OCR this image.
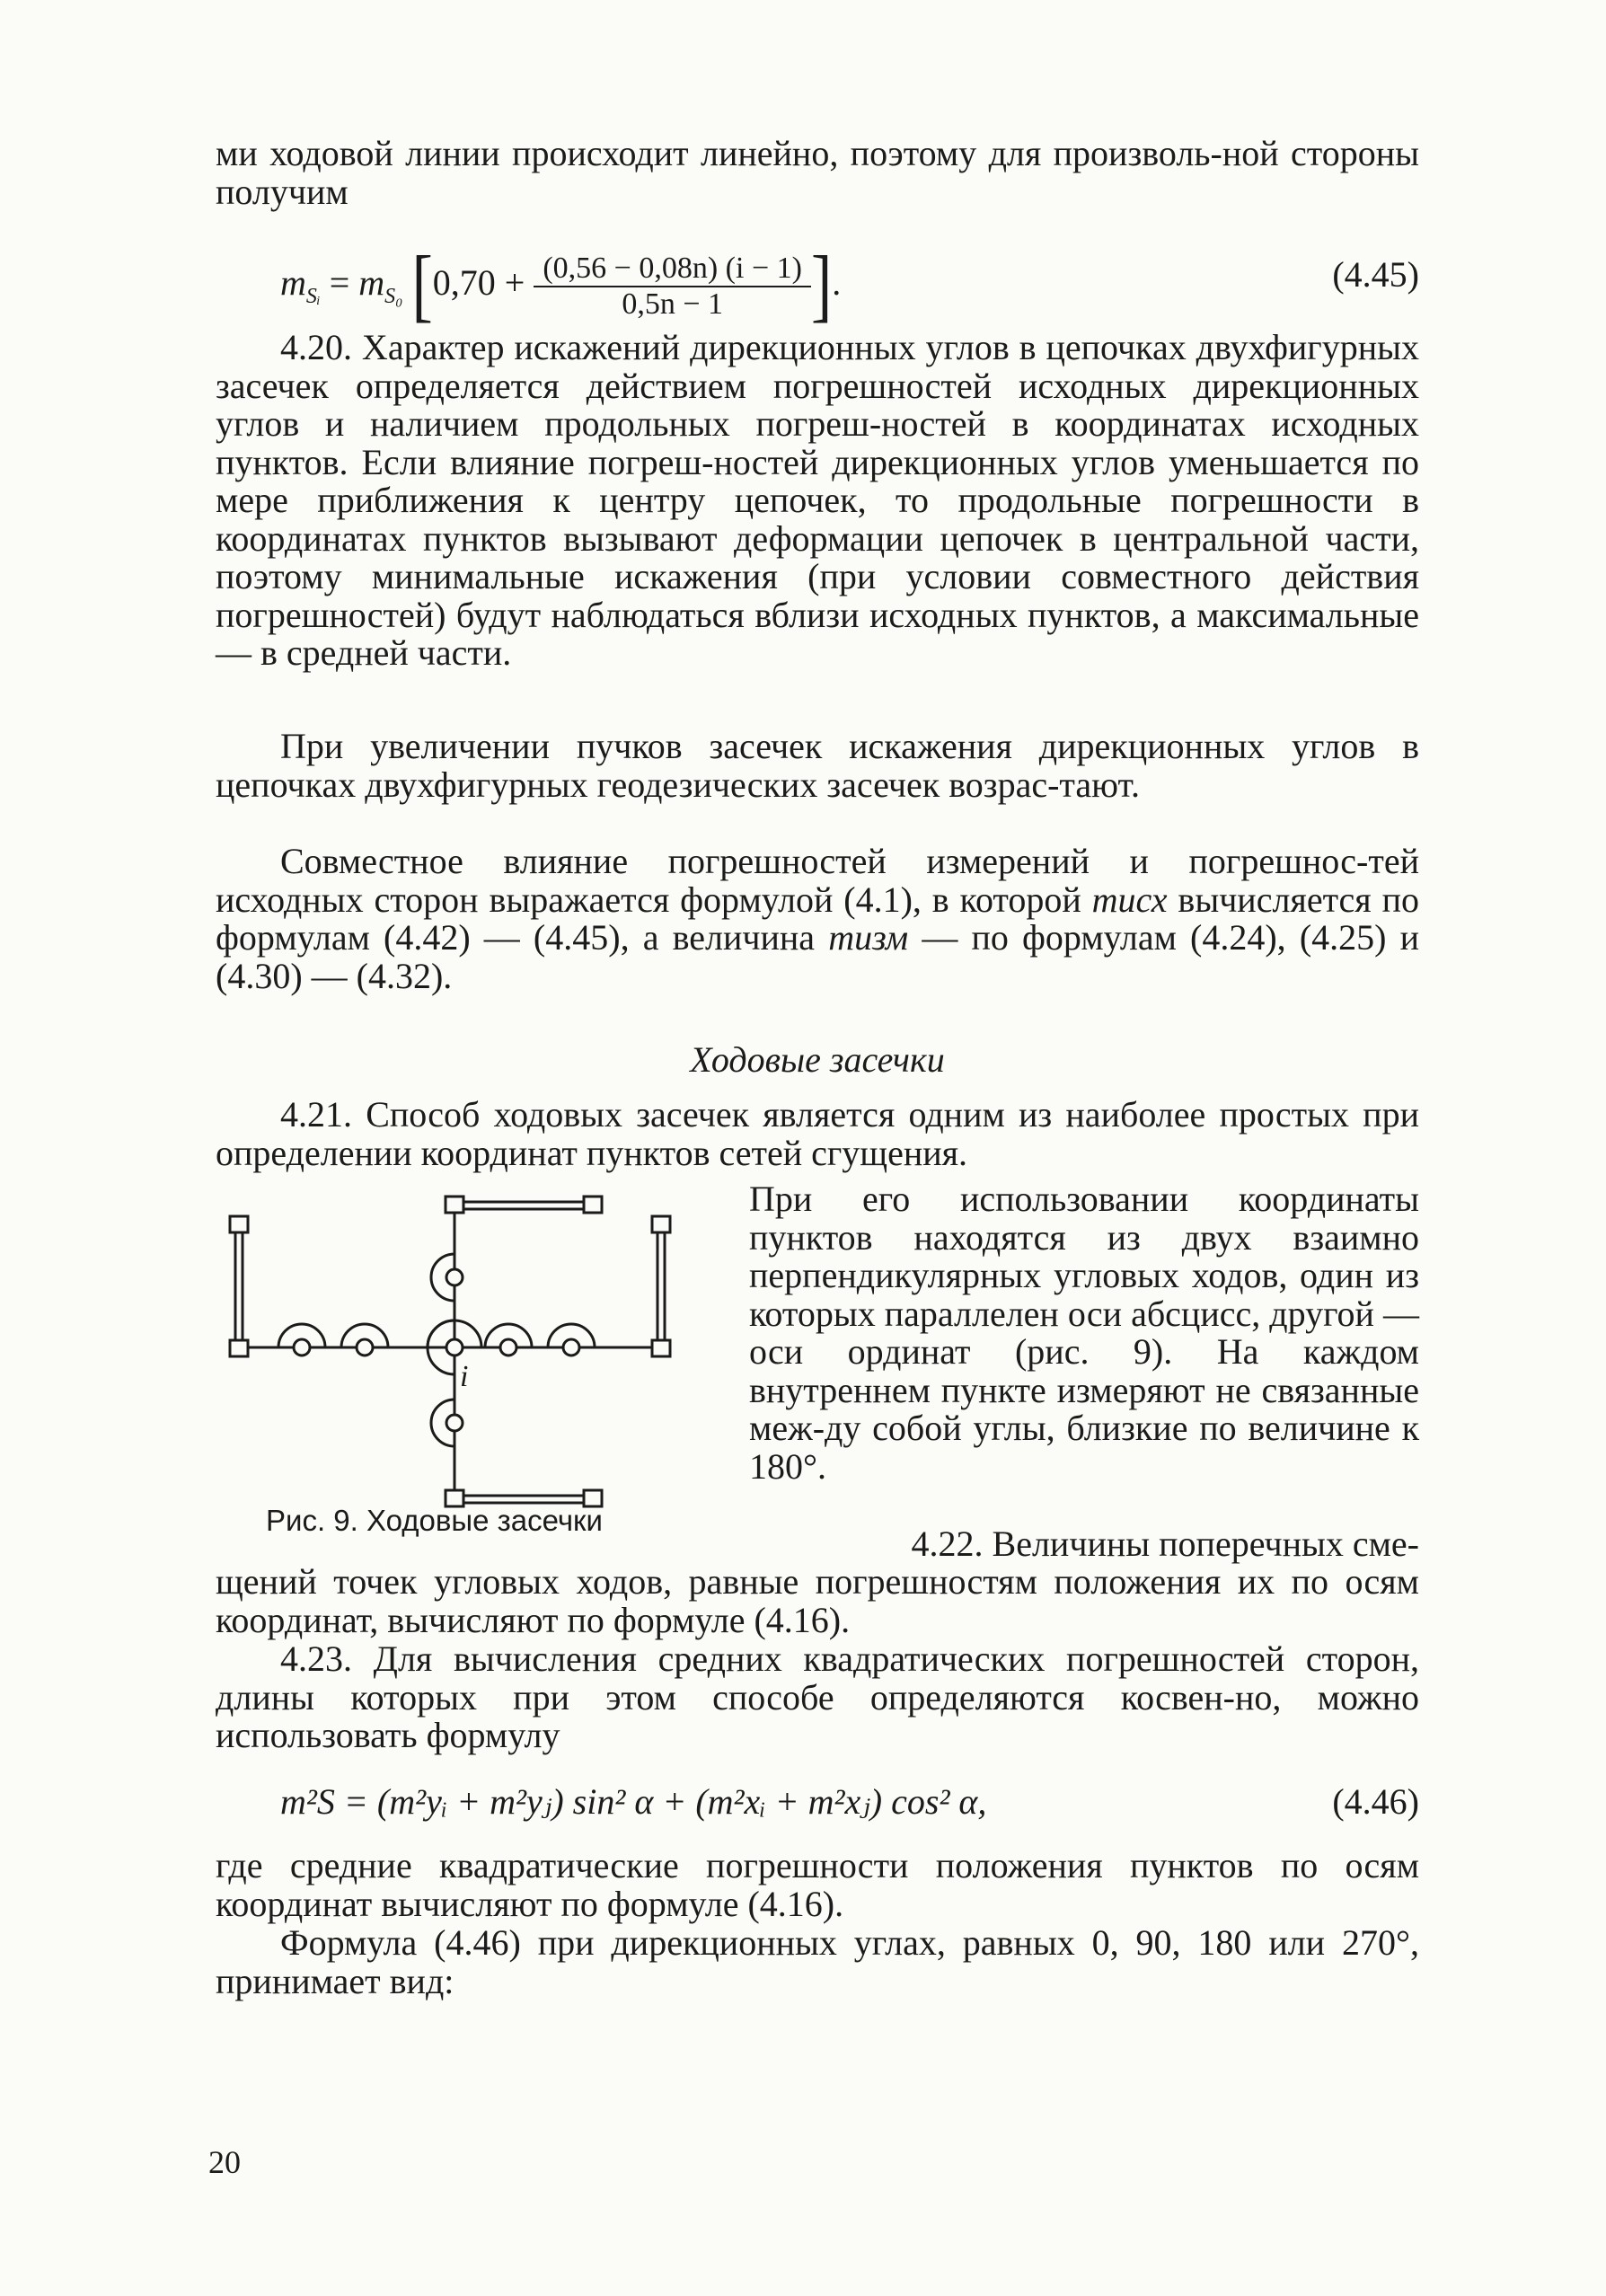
ми ходовой линии происходит линейно, поэтому для произволь-ной стороны получим
$m_{Sᵢ} = m_{S_0}$ [$0,70 + \frac{(0,56 - 0,08n) (i - 1)}{0,5n - 1}$ ].	(4.45)
4.20. Характер искажений дирекционных углов в цепочках двухфигурных засечек определяется действием погрешностей исходных дирекционных углов и наличием продольных погреш-ностей в координатах исходных пунктов. Если влияние погреш-ностей дирекционных углов уменьшается по мере приближения к центру цепочек, то продольные погрешности в координатах пунктов вызывают деформации цепочек в центральной части, поэтому минимальные искажения (при условии совместного действия погрешностей) будут наблюдаться вблизи исходных пунктов, а максимальные — в средней части.
При увеличении пучков засечек искажения дирекционных углов в цепочках двухфигурных геодезических засечек возрас-тают.
Совместное влияние погрешностей измерений и погрешнос-тей исходных сторон выражается формулой (4.1), в которой mисх вычисляется по формулам (4.42) — (4.45), а величина mизм — по формулам (4.24), (4.25) и (4.30) — (4.32).
Ходовые засечки
4.21. Способ ходовых засечек является одним из наиболее простых при определении координат пунктов сетей сгущения.
При его использовании координаты пунктов находятся из двух взаимно перпендикулярных угловых ходов, один из которых параллелен оси абсцисс, другой — оси ординат (рис. 9). На каждом внутреннем пункте измеряют не связанные меж-ду собой углы, близкие по величине к 180°.
i
Рис. 9. Ходовые засечки
4.22. Величины поперечных сме-
щений точек угловых ходов, равные погрешностям положения их по осям координат, вычисляют по формуле (4.16).
4.23. Для вычисления средних квадратических погрешностей сторон, длины которых при этом способе определяются косвен-но, можно использовать формулу
m²S = (m²yᵢ + m²yⱼ) sin² α + (m²xᵢ + m²xⱼ) cos² α,	(4.46)
где средние квадратические погрешности положения пунктов по осям координат вычисляют по формуле (4.16).
Формула (4.46) при дирекционных углах, равных 0, 90, 180 или 270°, принимает вид:
20
